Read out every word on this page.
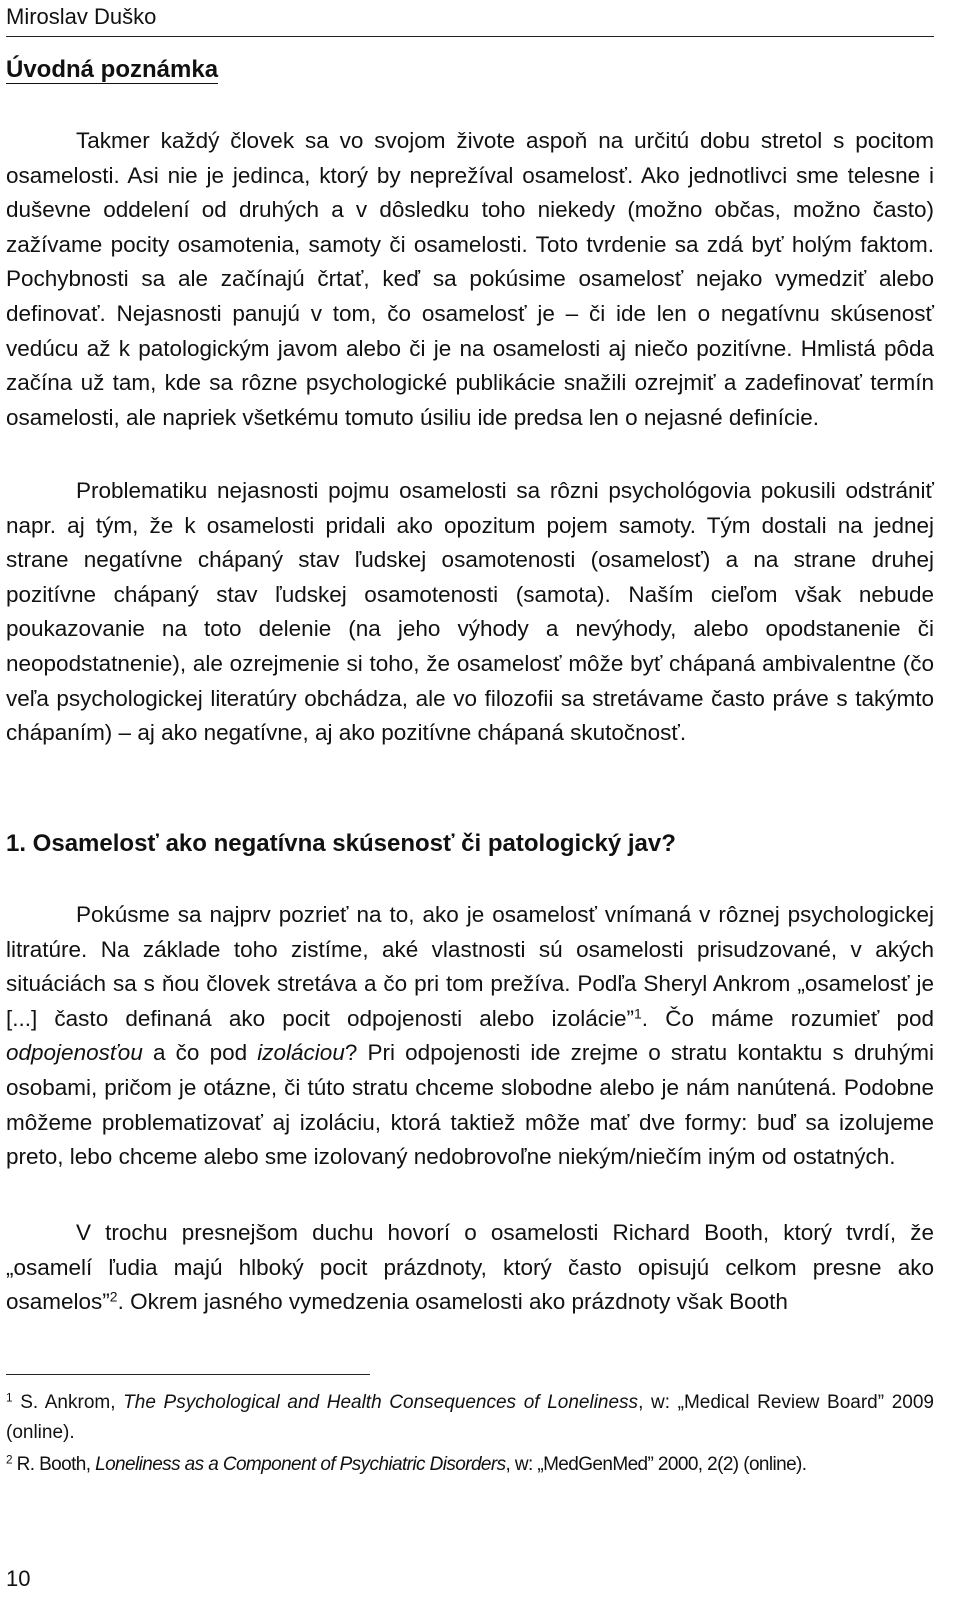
Miroslav Duško
Úvodná poznámka

Takmer každý človek sa vo svojom živote aspoň na určitú dobu stretol s pocitom osamelosti. Asi nie je jedinca, ktorý by neprežíval osamelosť. Ako jednotlivci sme telesne i duševne oddelení od druhých a v dôsledku toho niekedy (možno občas, možno často) zažívame pocity osamotenia, samoty či osamelosti. Toto tvrdenie sa zdá byť holým faktom. Pochybnosti sa ale začínajú črtať, keď sa pokúsime osamelosť nejako vymedziť alebo definovať. Nejasnosti panujú v tom, čo osamelosť je – či ide len o negatívnu skúsenosť vedúcu až k patologickým javom alebo či je na osamelosti aj niečo pozitívne. Hmlistá pôda začína už tam, kde sa rôzne psychologické publikácie snažili ozrejmiť a zadefinovať termín osamelosti, ale napriek všetkému tomuto úsiliu ide predsa len o nejasné definície.

Problematiku nejasnosti pojmu osamelosti sa rôzni psychológovia pokusili odstrániť napr. aj tým, že k osamelosti pridali ako opozitum pojem samoty. Tým dostali na jednej strane negatívne chápaný stav ľudskej osamotenosti (osamelosť) a na strane druhej pozitívne chápaný stav ľudskej osamotenosti (samota). Naším cieľom však nebude poukazovanie na toto delenie (na jeho výhody a nevýhody, alebo opodstanenie či neopodstatnenie), ale ozrejmenie si toho, že osamelosť môže byť chápaná ambivalentne (čo veľa psychologickej literatúry obchádza, ale vo filozofii sa stretávame často práve s takýmto chápaním) – aj ako negatívne, aj ako pozitívne chápaná skutočnosť.

1. Osamelosť ako negatívna skúsenosť či patologický jav?

Pokúsme sa najprv pozrieť na to, ako je osamelosť vnímaná v rôznej psychologickej litratúre. Na základe toho zistíme, aké vlastnosti sú osamelosti prisudzované, v akých situáciách sa s ňou človek stretáva a čo pri tom prežíva. Podľa Sheryl Ankrom „osamelosť je [...] často definaná ako pocit odpojenosti alebo izolácie”$^1$. Čo máme rozumieť pod odpojenosťou a čo pod izoláciou? Pri odpojenosti ide zrejme o stratu kontaktu s druhými osobami, pričom je otázne, či túto stratu chceme slobodne alebo je nám nanútená. Podobne môžeme problematizovať aj izoláciu, ktorá taktiež môže mať dve formy: buď sa izolujeme preto, lebo chceme alebo sme izolovaný nedobrovoľne niekým/niečím iným od ostatných.

V trochu presnejšom duchu hovorí o osamelosti Richard Booth, ktorý tvrdí, že „osamelí ľudia majú hlboký pocit prázdnoty, ktorý často opisujú celkom presne ako osamelos”$^2$. Okrem jasného vymedzenia osamelosti ako prázdnoty však Booth

$^1$ S. Ankrom, The Psychological and Health Consequences of Loneliness, w: „Medical Review Board” 2009 (online).

$^2$ R. Booth, Loneliness as a Component of Psychiatric Disorders, w: „MedGenMed” 2000, 2(2) (online).

10
